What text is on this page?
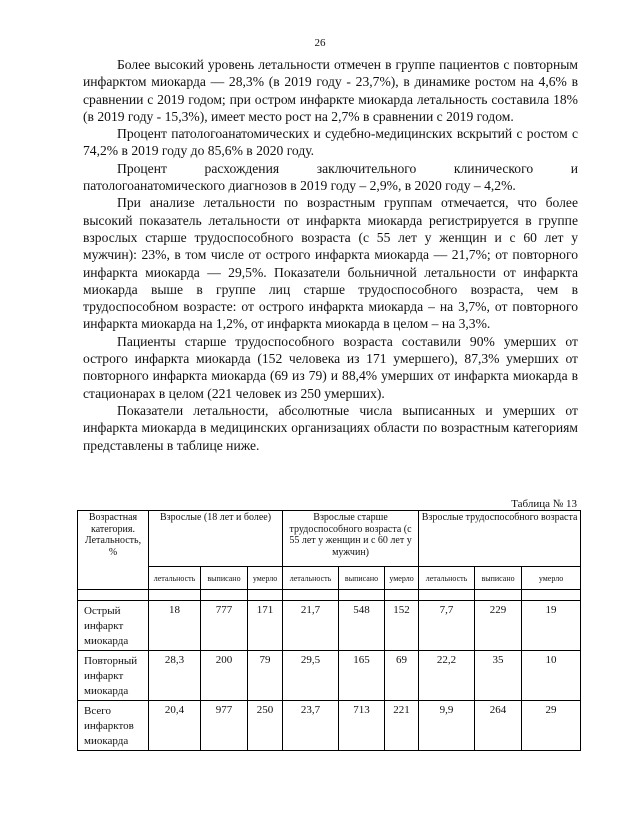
26

Более высокий уровень летальности отмечен в группе пациентов с повторным инфарктом миокарда — 28,3% (в 2019 году - 23,7%), в динамике ростом на 4,6% в сравнении с 2019 годом; при остром инфаркте миокарда летальность составила 18% (в 2019 году - 15,3%), имеет место рост на 2,7% в сравнении с 2019 годом.

Процент патологоанатомических и судебно-медицинских вскрытий с ростом с 74,2% в 2019 году до 85,6% в 2020 году.

Процент расхождения заключительного клинического и патологоанатомического диагнозов в 2019 году – 2,9%, в 2020 году – 4,2%.

При анализе летальности по возрастным группам отмечается, что более высокий показатель летальности от инфаркта миокарда регистрируется в группе взрослых старше трудоспособного возраста (с 55 лет у женщин и с 60 лет у мужчин): 23%, в том числе от острого инфаркта миокарда — 21,7%; от повторного инфаркта миокарда — 29,5%. Показатели больничной летальности от инфаркта миокарда выше в группе лиц старше трудоспособного возраста, чем в трудоспособном возрасте: от острого инфаркта миокарда – на 3,7%, от повторного инфаркта миокарда на 1,2%, от инфаркта миокарда в целом – на 3,3%.

Пациенты старше трудоспособного возраста составили 90% умерших от острого инфаркта миокарда (152 человека из 171 умершего), 87,3% умерших от повторного инфаркта миокарда (69 из 79) и 88,4% умерших от инфаркта миокарда в стационарах в целом (221 человек из 250 умерших).

Показатели летальности, абсолютные числа выписанных и умерших от инфаркта миокарда в медицинских организациях области по возрастным категориям представлены в таблице ниже.

Таблица № 13
Возрастная категория. Летальность, %	Взрослые (18 лет и более)			Взрослые старше трудоспособного возраста (с 55 лет у женщин и с 60 лет у мужчин)			Взрослые трудоспособного возраста		
	летальность	выписано	умерло	летальность	выписано	умерло	летальность	выписано	умерло

Острый инфаркт миокарда	18	777	171	21,7	548	152	7,7	229	19
Повторный инфаркт миокарда	28,3	200	79	29,5	165	69	22,2	35	10
Всего инфарктов миокарда	20,4	977	250	23,7	713	221	9,9	264	29
